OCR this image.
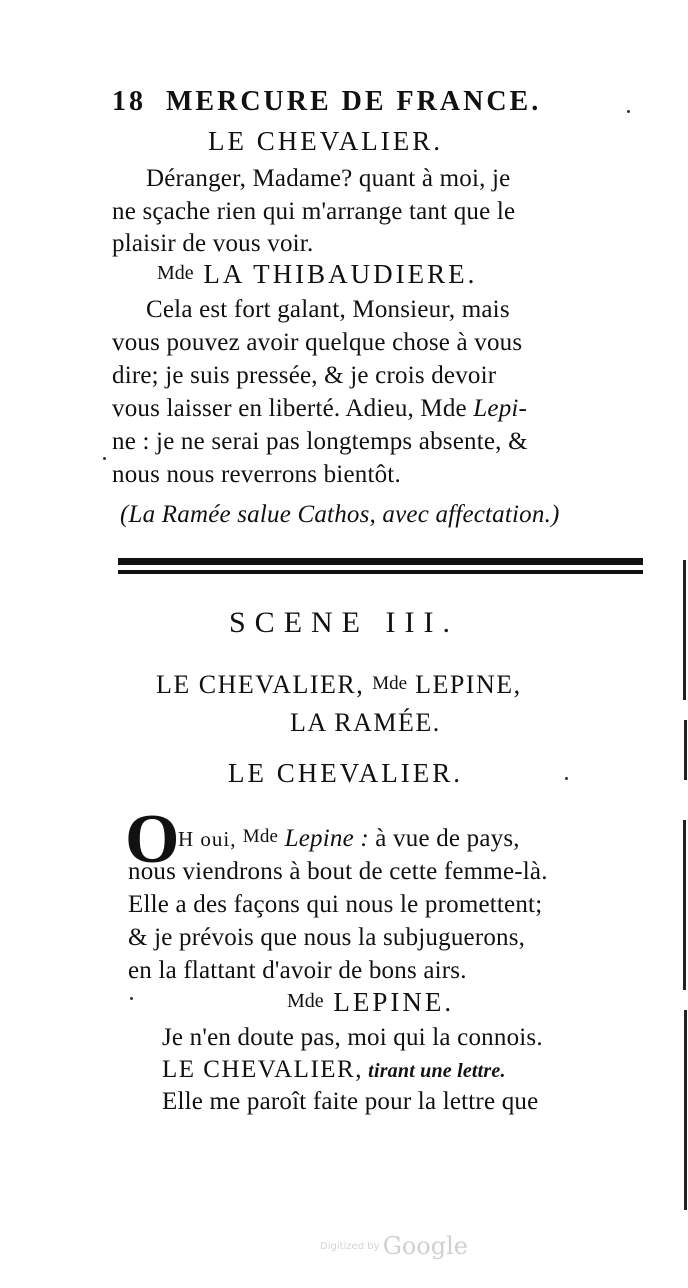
18 MERCURE DE FRANCE.
LE CHEVALIER.
Déranger, Madame? quant à moi, je
ne sçache rien qui m'arrange tant que le
plaisir de vous voir.
Mde LA THIBAUDIERE.
Cela est fort galant, Monsieur, mais
vous pouvez avoir quelque chose à vous
dire; je suis pressée, & je crois devoir
vous laisser en liberté. Adieu, Mde Lepi-
ne : je ne serai pas longtemps absente, &
nous nous reverrons bientôt.
(La Ramée salue Cathos, avec affectation.)
SCENE III.
LE CHEVALIER, Mde LEPINE,
LA RAMÉE.
LE CHEVALIER.
O
H oui, Mde Lepine : à vue de pays,
nous viendrons à bout de cette femme-là.
Elle a des façons qui nous le promettent;
& je prévois que nous la subjuguerons,
en la flattant d'avoir de bons airs.
Mde LEPINE.
Je n'en doute pas, moi qui la connois.
LE CHEVALIER, tirant une lettre.
Elle me paroît faite pour la lettre que
Digitized by Google
